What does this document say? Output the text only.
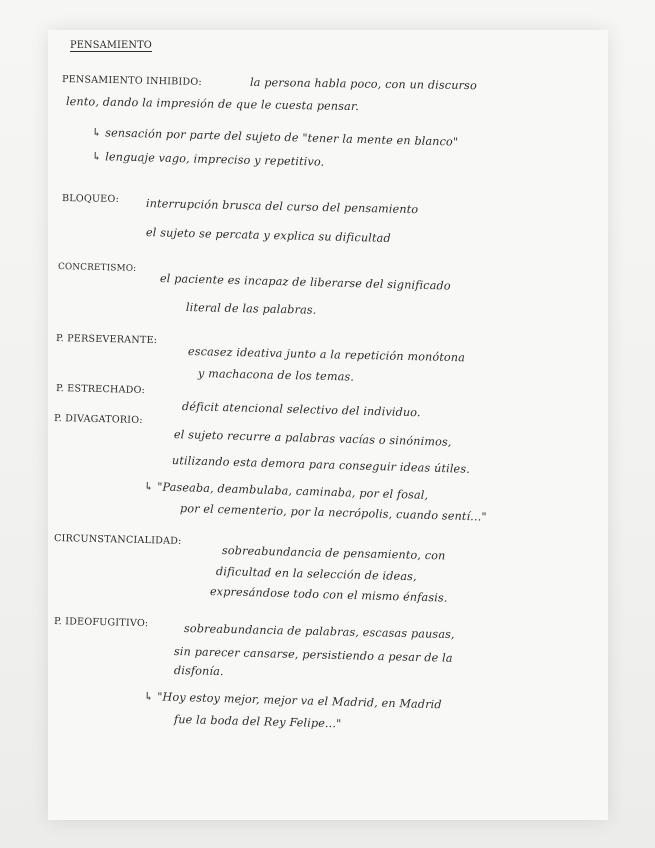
PENSAMIENTO
PENSAMIENTO INHIBIDO:	la persona habla poco, con un discurso
lento, dando la impresión de que le cuesta pensar.
↳ sensación por parte del sujeto de "tener la mente en blanco"
↳ lenguaje vago, impreciso y repetitivo.
BLOQUEO: interrupción brusca del curso del pensamiento
el sujeto se percata y explica su dificultad
CONCRETISMO:
el paciente es incapaz de liberarse del significado
literal de las palabras.
P. PERSEVERANTE:
escasez ideativa junto a la repetición monótona
y machacona de los temas.
P. ESTRECHADO:
déficit atencional selectivo del individuo.
P. DIVAGATORIO:
el sujeto recurre a palabras vacías o sinónimos,
utilizando esta demora para conseguir ideas útiles.
↳ "Paseaba, deambulaba, caminaba, por el fosal,
por el cementerio, por la necrópolis, cuando sentí..."
CIRCUNSTANCIALIDAD:
sobreabundancia de pensamiento, con
dificultad en la selección de ideas,
expresándose todo con el mismo énfasis.
P. IDEOFUGITIVO:	sobreabundancia de palabras, escasas pausas,
sin parecer cansarse, persistiendo a pesar de la
disfonía.
↳ "Hoy estoy mejor, mejor va el Madrid, en Madrid
fue la boda del Rey Felipe..."
